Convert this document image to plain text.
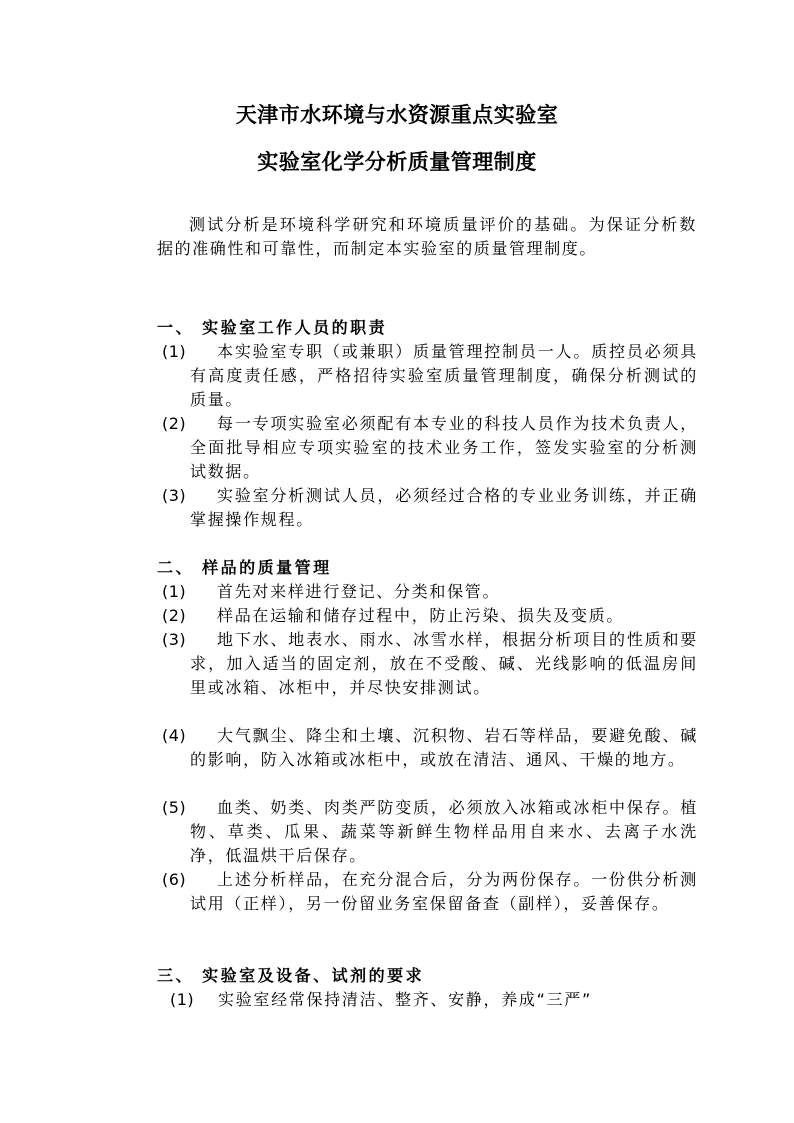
天津市水环境与水资源重点实验室
实验室化学分析质量管理制度
测试分析是环境科学研究和环境质量评价的基础。为保证分析数据的准确性和可靠性，而制定本实验室的质量管理制度。
一、 实验室工作人员的职责
(1)	本实验室专职（或兼职）质量管理控制员一人。质控员必须具有高度责任感，严格招待实验室质量管理制度，确保分析测试的质量。
(2)	每一专项实验室必须配有本专业的科技人员作为技术负责人，全面批导相应专项实验室的技术业务工作，签发实验室的分析测试数据。
(3)	实验室分析测试人员，必须经过合格的专业业务训练，并正确掌握操作规程。
二、 样品的质量管理
(1)	首先对来样进行登记、分类和保管。
(2)	样品在运输和储存过程中，防止污染、损失及变质。
(3)	地下水、地表水、雨水、冰雪水样，根据分析项目的性质和要求，加入适当的固定剂，放在不受酸、碱、光线影响的低温房间里或冰箱、冰柜中，并尽快安排测试。
(4)	大气飘尘、降尘和土壤、沉积物、岩石等样品，要避免酸、碱的影响，防入冰箱或冰柜中，或放在清洁、通风、干燥的地方。
(5)	血类、奶类、肉类严防变质，必须放入冰箱或冰柜中保存。植物、草类、瓜果、蔬菜等新鲜生物样品用自来水、去离子水洗净，低温烘干后保存。
(6)	上述分析样品，在充分混合后，分为两份保存。一份供分析测试用（正样），另一份留业务室保留备查（副样），妥善保存。
三、 实验室及设备、试剂的要求
(1)	实验室经常保持清洁、整齐、安静，养成“三严”
